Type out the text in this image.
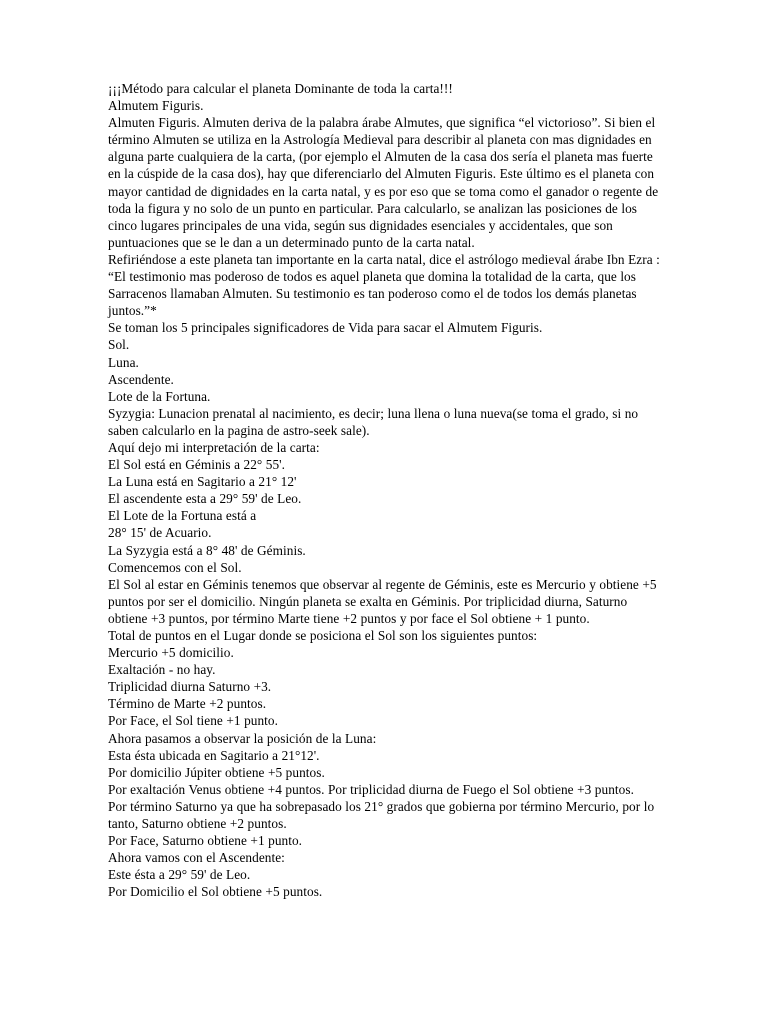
¡¡¡Método para calcular el planeta Dominante de toda la carta!!!

Almutem Figuris.

Almuten Figuris. Almuten deriva de la palabra árabe Almutes, que significa “el victorioso”. Si bien el término Almuten se utiliza en la Astrología Medieval para describir al planeta con mas dignidades en alguna parte cualquiera de la carta, (por ejemplo el Almuten de la casa dos sería el planeta mas fuerte en la cúspide de la casa dos), hay que diferenciarlo del Almuten Figuris. Este último es el planeta con mayor cantidad de dignidades en la carta natal, y es por eso que se toma como el ganador o regente de toda la figura y no solo de un punto en particular. Para calcularlo, se analizan las posiciones de los cinco lugares principales de una vida, según sus dignidades esenciales y accidentales, que son puntuaciones que se le dan a un determinado punto de la carta natal.

Refiriéndose a este planeta tan importante en la carta natal, dice el astrólogo medieval árabe Ibn Ezra :

“El testimonio mas poderoso de todos es aquel planeta que domina la totalidad de la carta, que los Sarracenos llamaban Almuten. Su testimonio es tan poderoso como el de todos los demás planetas juntos.”*

Se toman los 5 principales significadores de Vida para sacar el Almutem Figuris.

Sol.

Luna.

Ascendente.

Lote de la Fortuna.

Syzygia: Lunacion prenatal al nacimiento, es decir; luna llena o luna nueva(se toma el grado, si no saben calcularlo en la pagina de astro-seek sale).

Aquí dejo mi interpretación de la carta:

El Sol está en Géminis a 22° 55'.

La Luna está en Sagitario a 21° 12'

El ascendente esta a 29° 59' de Leo.

El Lote de la Fortuna está a

28° 15' de Acuario.

La Syzygia está a 8° 48' de Géminis.

Comencemos con el Sol.

El Sol al estar en Géminis tenemos que observar al regente de Géminis, este es Mercurio y obtiene +5 puntos por ser el domicilio. Ningún planeta se exalta en Géminis. Por triplicidad diurna, Saturno obtiene +3 puntos, por término Marte tiene +2 puntos y por face el Sol obtiene + 1 punto.

Total de puntos en el Lugar donde se posiciona el Sol son los siguientes puntos:

Mercurio +5 domicilio.

Exaltación - no hay.

Triplicidad diurna Saturno +3.

Término de Marte +2 puntos.

Por Face, el Sol tiene +1 punto.

Ahora pasamos a observar la posición de la Luna:

Esta ésta ubicada en Sagitario a 21°12'.

Por domicilio Júpiter obtiene +5 puntos.

Por exaltación Venus obtiene +4 puntos. Por triplicidad diurna de Fuego el Sol obtiene +3 puntos.

Por término Saturno ya que ha sobrepasado los 21° grados que gobierna por término Mercurio, por lo tanto, Saturno obtiene +2 puntos.

Por Face, Saturno obtiene +1 punto.

Ahora vamos con el Ascendente:

Este ésta a 29° 59' de Leo.

Por Domicilio el Sol obtiene +5 puntos.
